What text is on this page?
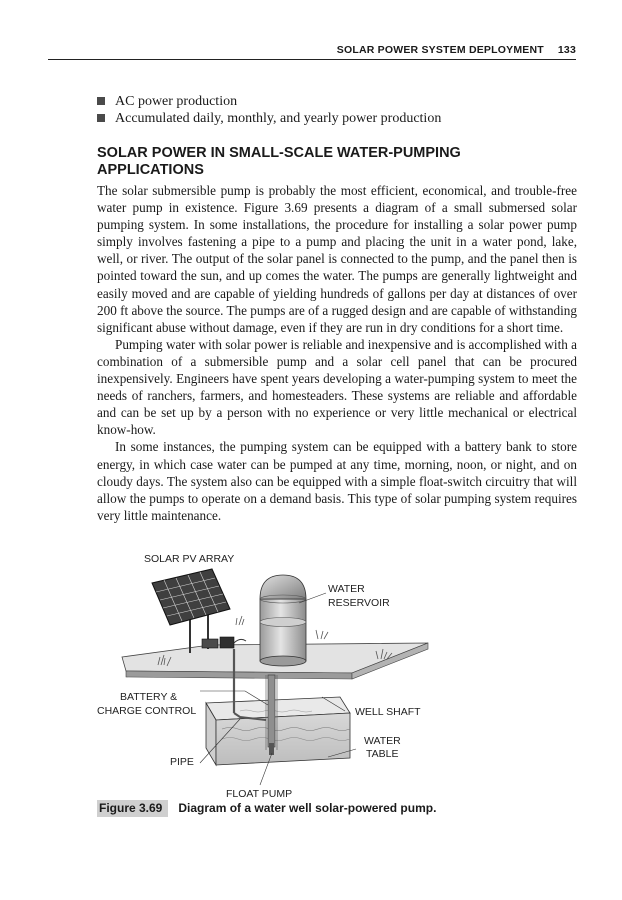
SOLAR POWER SYSTEM DEPLOYMENT 133
AC power production
Accumulated daily, monthly, and yearly power production
SOLAR POWER IN SMALL-SCALE WATER-PUMPING
APPLICATIONS

The solar submersible pump is probably the most efficient, economical, and trouble-free water pump in existence. Figure 3.69 presents a diagram of a small submersed solar pumping system. In some installations, the procedure for installing a solar power pump simply involves fastening a pipe to a pump and placing the unit in a water pond, lake, well, or river. The output of the solar panel is connected to the pump, and the panel then is pointed toward the sun, and up comes the water. The pumps are generally lightweight and easily moved and are capable of yielding hundreds of gallons per day at distances of over 200 ft above the source. The pumps are of a rugged design and are capable of withstanding significant abuse without damage, even if they are run in dry conditions for a short time.

Pumping water with solar power is reliable and inexpensive and is accomplished with a combination of a submersible pump and a solar cell panel that can be procured inexpensively. Engineers have spent years developing a water-pumping system to meet the needs of ranchers, farmers, and homesteaders. These systems are reliable and affordable and can be set up by a person with no experience or very little mechanical or electrical know-how.

In some instances, the pumping system can be equipped with a battery bank to store energy, in which case water can be pumped at any time, morning, noon, or night, and on cloudy days. The system also can be equipped with a simple float-switch circuitry that will allow the pumps to operate on a demand basis. This type of solar pumping system requires very little maintenance.

SOLAR PV ARRAY
WATER
RESERVOIR
BATTERY &
CHARGE CONTROL	WELL SHAFT
WATER
TABLE
PIPE
FLOAT PUMP
Figure 3.69 Diagram of a water well solar-powered pump.
